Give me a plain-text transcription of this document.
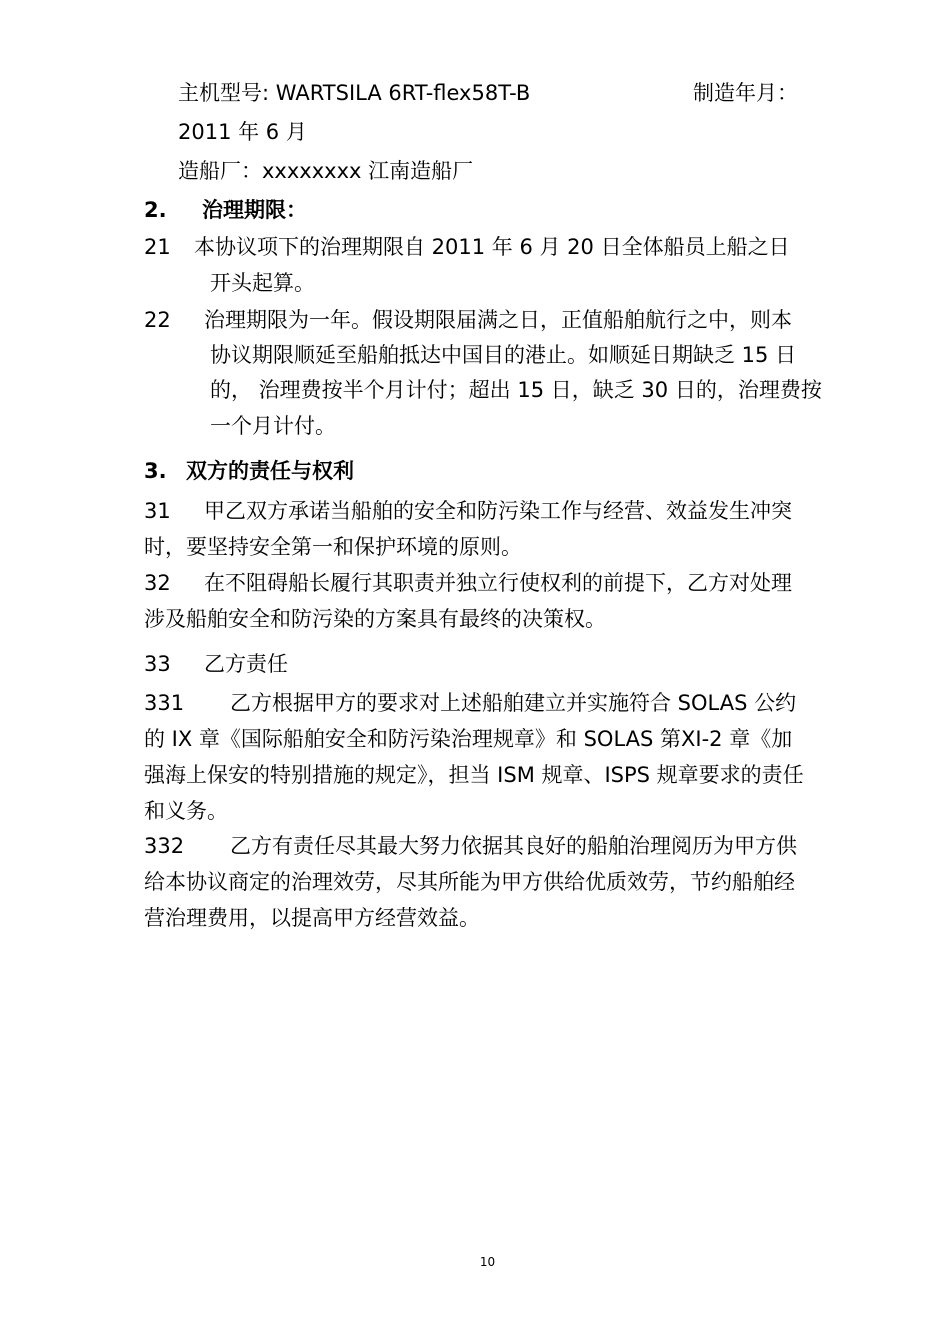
主机型号: WARTSILA 6RT-flex58T-B	制造年月：
2011 年 6 月
造船厂：xxxxxxxx 江南造船厂
2. 治理期限：
21 本协议项下的治理期限自 2011 年 6 月 20 日全体船员上船之日
开头起算。
22 治理期限为一年。假设期限届满之日，正值船舶航行之中，则本
协议期限顺延至船舶抵达中国目的港止。如顺延日期缺乏 15 日
的， 治理费按半个月计付；超出 15 日，缺乏 30 日的，治理费按
一个月计付。
3. 双方的责任与权利
31 甲乙双方承诺当船舶的安全和防污染工作与经营、效益发生冲突
时，要坚持安全第一和保护环境的原则。
32 在不阻碍船长履行其职责并独立行使权利的前提下，乙方对处理
涉及船舶安全和防污染的方案具有最终的决策权。
33 乙方责任
331 乙方根据甲方的要求对上述船舶建立并实施符合 SOLAS 公约
的 IX 章《国际船舶安全和防污染治理规章》和 SOLAS 第XI-2 章《加
强海上保安的特别措施的规定》，担当 ISM 规章、ISPS 规章要求的责任
和义务。
332 乙方有责任尽其最大努力依据其良好的船舶治理阅历为甲方供
给本协议商定的治理效劳，尽其所能为甲方供给优质效劳，节约船舶经
营治理费用，以提高甲方经营效益。
10
